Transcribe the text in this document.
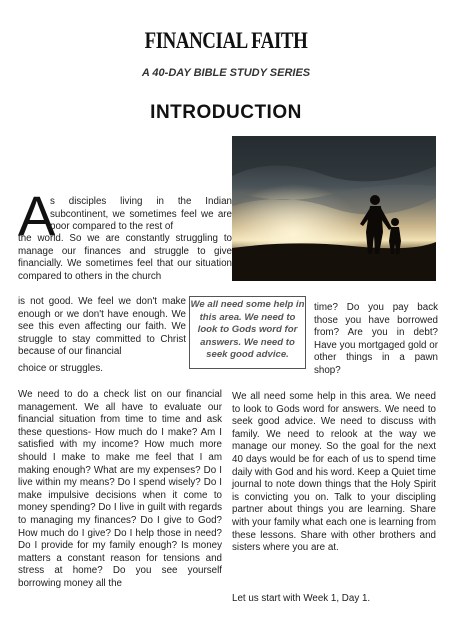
FINANCIAL FAITH
A 40-DAY BIBLE STUDY SERIES
INTRODUCTION
A
s disciples living in the Indian subcontinent, we sometimes feel we are poor compared to the rest of
the world. So we are constantly struggling to manage our finances and struggle to give financially. We sometimes feel that our situation compared to others in the church
is not good. We feel we don't make enough or we don't have enough. We see this even affecting our faith. We struggle to stay committed to Christ because of our financial
choice or struggles.
We all need some help in this area. We need to look to Gods word for answers. We need to seek good advice.
time? Do you pay back those you have borrowed from? Are you in debt? Have you mortgaged gold or other things in a pawn shop?
We need to do a check list on our financial management. We all have to evaluate our financial situation from time to time and ask these questions- How much do I make? Am I satisfied with my income? How much more should I make to make me feel that I am making enough? What are my expenses? Do I live within my means? Do I spend wisely? Do I make impulsive decisions when it come to money spending? Do I live in guilt with regards to managing my finances? Do I give to God? How much do I give? Do I help those in need? Do I provide for my family enough? Is money matters a constant reason for tensions and stress at home? Do you see yourself borrowing money all the
We all need some help in this area. We need to look to Gods word for answers. We need to seek good advice. We need to discuss with family. We need to relook at the way we manage our money. So the goal for the next 40 days would be for each of us to spend time daily with God and his word. Keep a Quiet time journal to note down things that the Holy Spirit is convicting you on. Talk to your discipling partner about things you are learning. Share with your family what each one is learning from these lessons. Share with other brothers and sisters where you are at.
Let us start with Week 1, Day 1.
